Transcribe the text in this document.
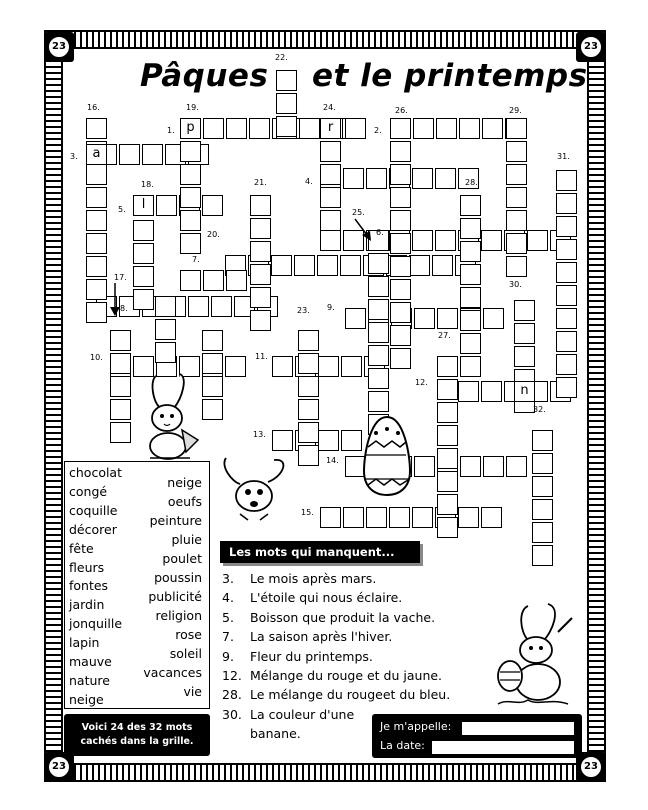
23	23
23	23
Pâques et le printemps
p
l
r
a
n
16.	19.
22.
24.	26.	29.
1.	2.
3.	31.
18.	21.	4.	28.
5.	25.
20.	6.
7.
17.
30.
8.	23. 9.
27.
10.	11.
12.
32.
13.
14.
15.
chocolat
congé
coquille
décorer
fête
fleurs
fontes
jardin
jonquille
lapin
mauve
nature
neige
neige
oeufs
peinture
pluie
poulet
poussin
publicité
religion
rose
soleil
vacances
vie
Voici 24 des 32 mots
cachés dans la grille.
Les mots qui manquent...
3. Le mois après mars.
4. L'étoile qui nous éclaire.
5. Boisson que produit la vache.
7. La saison après l'hiver.
9. Fleur du printemps.
12. Mélange du rouge et du jaune.
28. Le mélange du rougeet du bleu.
30. La couleur d'une
banane.	Je m'appelle:
La date:
